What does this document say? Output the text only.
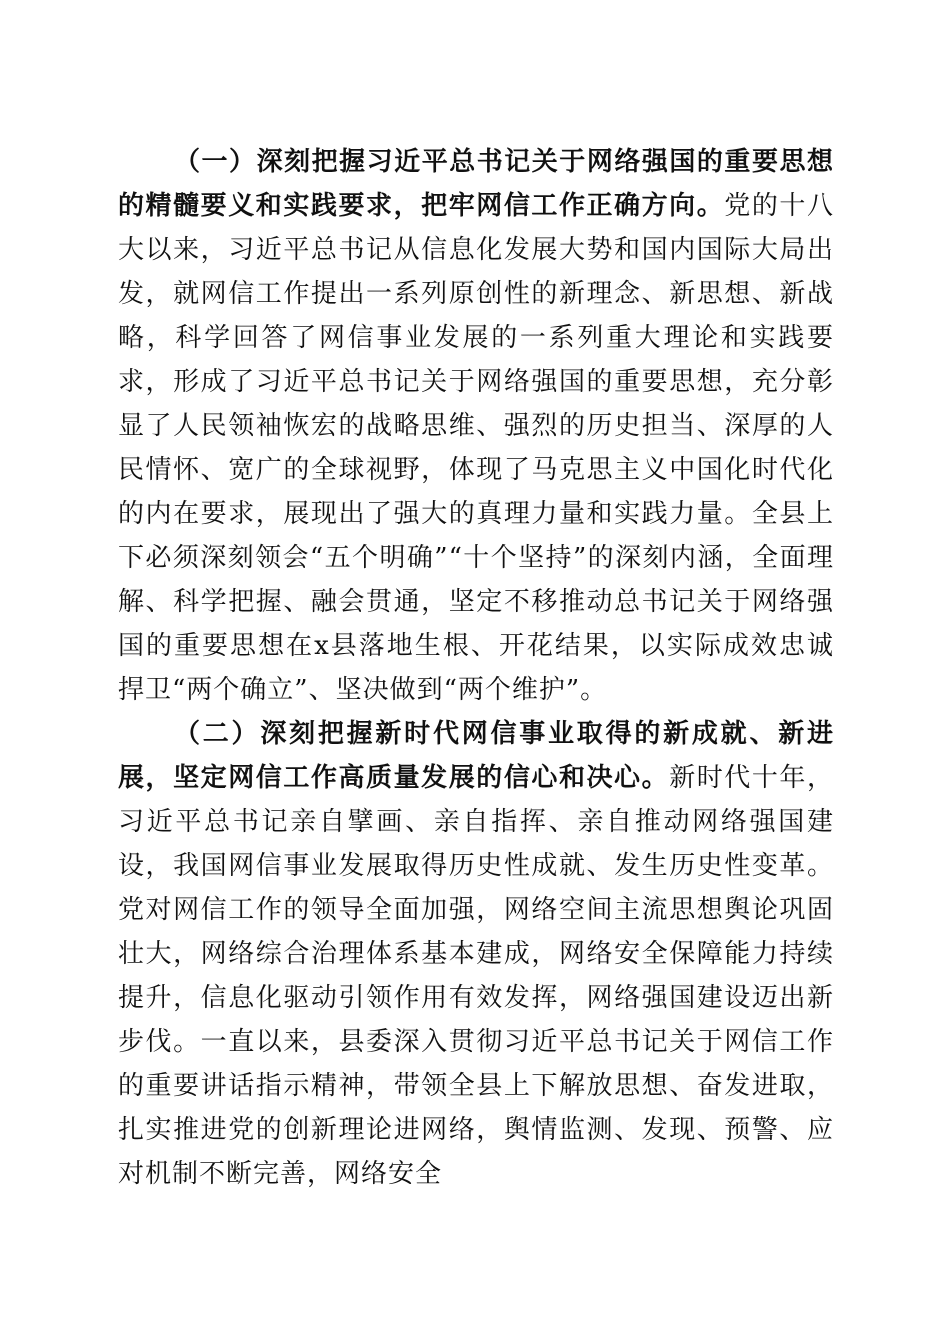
（一）深刻把握习近平总书记关于网络强国的重要思想的精髓要义和实践要求，把牢网信工作正确方向。党的十八大以来，习近平总书记从信息化发展大势和国内国际大局出发，就网信工作提出一系列原创性的新理念、新思想、新战略，科学回答了网信事业发展的一系列重大理论和实践要求，形成了习近平总书记关于网络强国的重要思想，充分彰显了人民领袖恢宏的战略思维、强烈的历史担当、深厚的人民情怀、宽广的全球视野，体现了马克思主义中国化时代化的内在要求，展现出了强大的真理力量和实践力量。全县上下必须深刻领会“五个明确”“十个坚持”的深刻内涵，全面理解、科学把握、融会贯通，坚定不移推动总书记关于网络强国的重要思想在x县落地生根、开花结果，以实际成效忠诚捍卫“两个确立”、坚决做到“两个维护”。

（二）深刻把握新时代网信事业取得的新成就、新进展，坚定网信工作高质量发展的信心和决心。新时代十年，习近平总书记亲自擘画、亲自指挥、亲自推动网络强国建设，我国网信事业发展取得历史性成就、发生历史性变革。党对网信工作的领导全面加强，网络空间主流思想舆论巩固壮大，网络综合治理体系基本建成，网络安全保障能力持续提升，信息化驱动引领作用有效发挥，网络强国建设迈出新步伐。一直以来，县委深入贯彻习近平总书记关于网信工作的重要讲话指示精神，带领全县上下解放思想、奋发进取，扎实推进党的创新理论进网络，舆情监测、发现、预警、应对机制不断完善，网络安全
